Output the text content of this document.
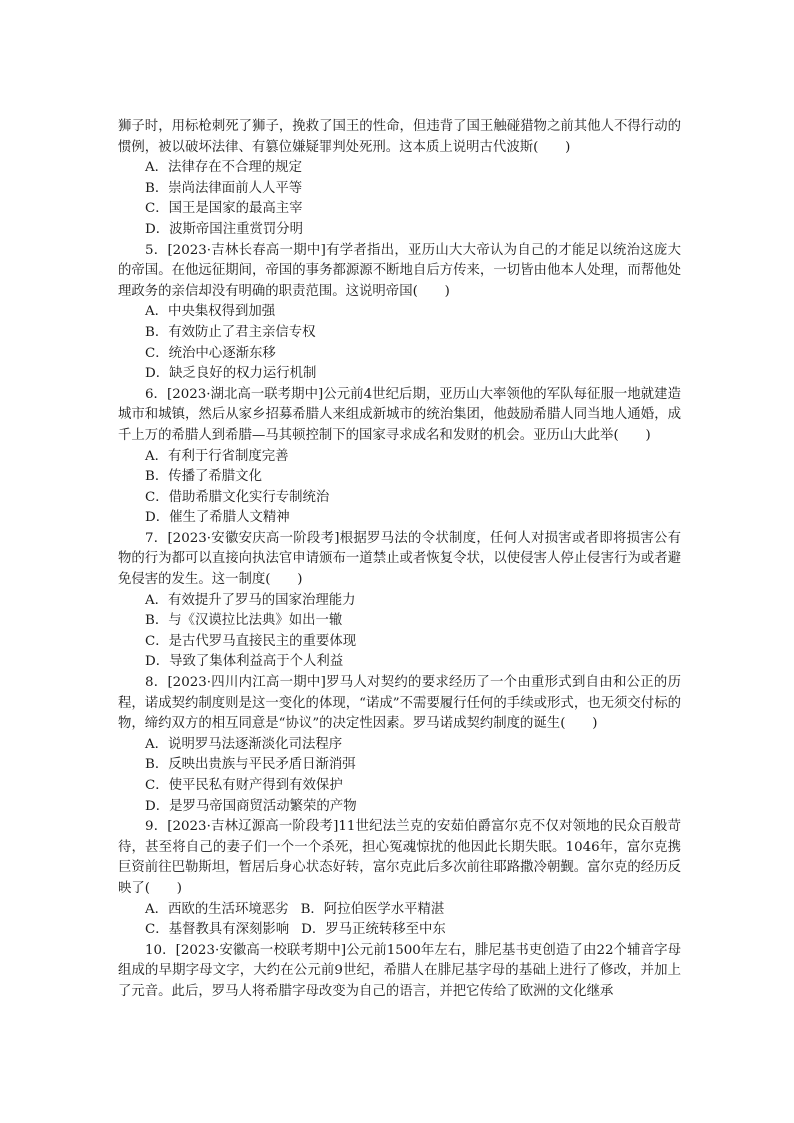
狮子时，用标枪刺死了狮子，挽救了国王的性命，但违背了国王触碰猎物之前其他人不得行动的惯例，被以破坏法律、有篡位嫌疑罪判处死刑。这本质上说明古代波斯(　　)

A．法律存在不合理的规定

B．崇尚法律面前人人平等

C．国王是国家的最高主宰

D．波斯帝国注重赏罚分明

5．[2023·吉林长春高一期中]有学者指出，亚历山大大帝认为自己的才能足以统治这庞大的帝国。在他远征期间，帝国的事务都源源不断地自后方传来，一切皆由他本人处理，而帮他处理政务的亲信却没有明确的职责范围。这说明帝国(　　)

A．中央集权得到加强

B．有效防止了君主亲信专权

C．统治中心逐渐东移

D．缺乏良好的权力运行机制

6．[2023·湖北高一联考期中]公元前4世纪后期，亚历山大率领他的军队每征服一地就建造城市和城镇，然后从家乡招募希腊人来组成新城市的统治集团，他鼓励希腊人同当地人通婚，成千上万的希腊人到希腊—马其顿控制下的国家寻求成名和发财的机会。亚历山大此举(　　)

A．有利于行省制度完善

B．传播了希腊文化

C．借助希腊文化实行专制统治

D．催生了希腊人文精神

7．[2023·安徽安庆高一阶段考]根据罗马法的令状制度，任何人对损害或者即将损害公有物的行为都可以直接向执法官申请颁布一道禁止或者恢复令状，以使侵害人停止侵害行为或者避免侵害的发生。这一制度(　　)

A．有效提升了罗马的国家治理能力

B．与《汉谟拉比法典》如出一辙

C．是古代罗马直接民主的重要体现

D．导致了集体利益高于个人利益

8．[2023·四川内江高一期中]罗马人对契约的要求经历了一个由重形式到自由和公正的历程，诺成契约制度则是这一变化的体现，“诺成”不需要履行任何的手续或形式，也无须交付标的物，缔约双方的相互同意是“协议”的决定性因素。罗马诺成契约制度的诞生(　　)

A．说明罗马法逐渐淡化司法程序

B．反映出贵族与平民矛盾日渐消弭

C．使平民私有财产得到有效保护

D．是罗马帝国商贸活动繁荣的产物

9．[2023·吉林辽源高一阶段考]11世纪法兰克的安茹伯爵富尔克不仅对领地的民众百般苛待，甚至将自己的妻子们一个一个杀死，担心冤魂惊扰的他因此长期失眠。1046年，富尔克携巨资前往巴勒斯坦，暂居后身心状态好转，富尔克此后多次前往耶路撒冷朝觐。富尔克的经历反映了(　　)

A．西欧的生活环境恶劣 B．阿拉伯医学水平精湛

C．基督教具有深刻影响 D．罗马正统转移至中东

10．[2023·安徽高一校联考期中]公元前1500年左右，腓尼基书吏创造了由22个辅音字母组成的早期字母文字，大约在公元前9世纪，希腊人在腓尼基字母的基础上进行了修改，并加上了元音。此后，罗马人将希腊字母改变为自己的语言，并把它传给了欧洲的文化继承
